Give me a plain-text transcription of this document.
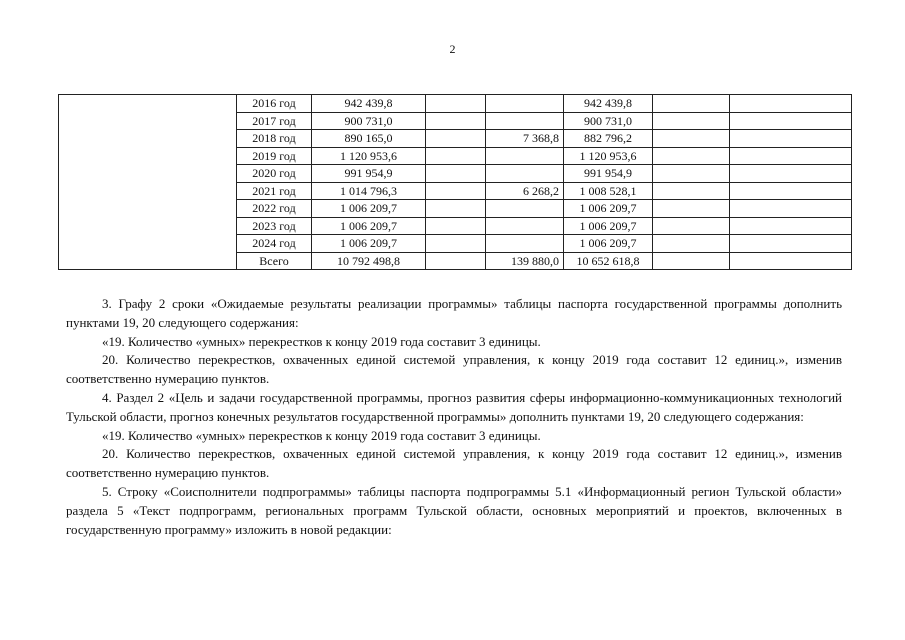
2
	2016 год	942 439,8			942 439,8		
	2017 год	900 731,0			900 731,0		
	2018 год	890 165,0		7 368,8	882 796,2		
	2019 год	1 120 953,6			1 120 953,6		
	2020 год	991 954,9			991 954,9		
	2021 год	1 014 796,3		6 268,2	1 008 528,1		
	2022 год	1 006 209,7			1 006 209,7		
	2023 год	1 006 209,7			1 006 209,7		
	2024 год	1 006 209,7			1 006 209,7		
	Всего	10 792 498,8		139 880,0	10 652 618,8		

3. Графу 2 сроки «Ожидаемые результаты реализации программы» таблицы паспорта государственной программы дополнить пунктами 19, 20 следующего содержания:

«19. Количество «умных» перекрестков к концу 2019 года составит 3 единицы.

20. Количество перекрестков, охваченных единой системой управления, к концу 2019 года составит 12 единиц.», изменив соответственно нумерацию пунктов.

4. Раздел 2 «Цель и задачи государственной программы, прогноз развития сферы информационно-коммуникационных технологий Тульской области, прогноз конечных результатов государственной программы» дополнить пунктами 19, 20 следующего содержания:

«19. Количество «умных» перекрестков к концу 2019 года составит 3 единицы.

20. Количество перекрестков, охваченных единой системой управления, к концу 2019 года составит 12 единиц.», изменив соответственно нумерацию пунктов.

5. Строку «Соисполнители подпрограммы» таблицы паспорта подпрограммы 5.1 «Информационный регион Тульской области» раздела 5 «Текст подпрограмм, региональных программ Тульской области, основных мероприятий и проектов, включенных в государственную программу» изложить в новой редакции:
